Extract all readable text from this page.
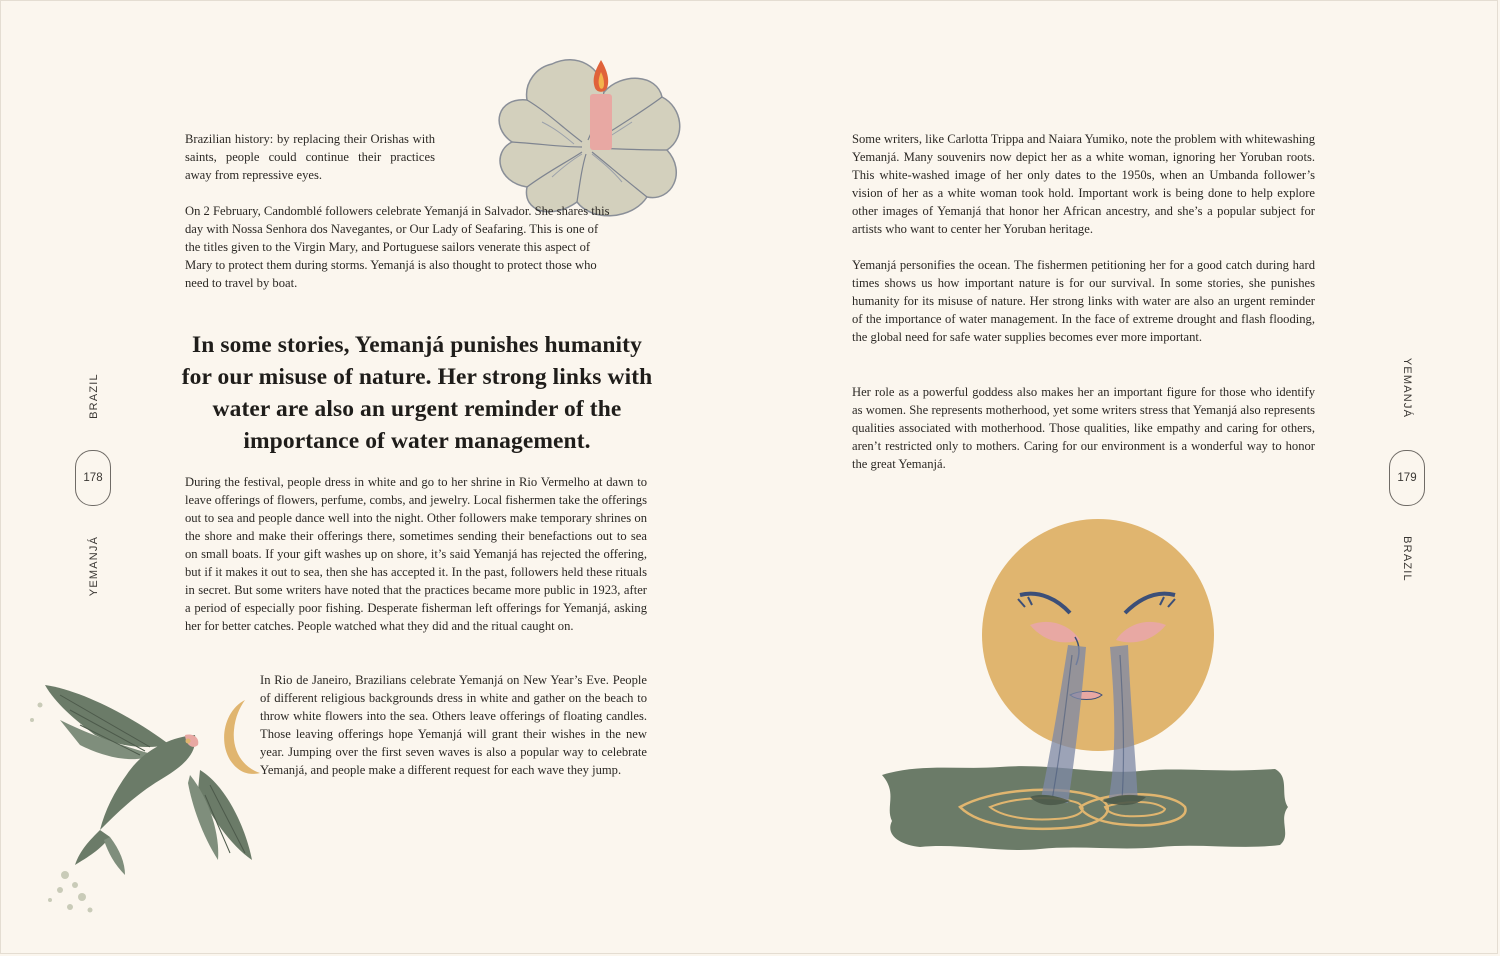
Brazilian history: by replacing their Orishas with saints, people could continue their practices away from repressive eyes.

On 2 February, Candomblé followers celebrate Yemanjá in Salvador. She shares this day with Nossa Senhora dos Navegantes, or Our Lady of Seafaring. This is one of the titles given to the Virgin Mary, and Portuguese sailors venerate this aspect of Mary to protect them during storms. Yemanjá is also thought to protect those who need to travel by boat.

In some stories, Yemanjá punishes humanity for our misuse of nature. Her strong links with water are also an urgent reminder of the importance of water management.

During the festival, people dress in white and go to her shrine in Rio Vermelho at dawn to leave offerings of flowers, perfume, combs, and jewelry. Local fishermen take the offerings out to sea and people dance well into the night. Other followers make temporary shrines on the shore and make their offerings there, sometimes sending their benefactions out to sea on small boats. If your gift washes up on shore, it’s said Yemanjá has rejected the offering, but if it makes it out to sea, then she has accepted it. In the past, followers held these rituals in secret. But some writers have noted that the practices became more public in 1923, after a period of especially poor fishing. Desperate fisherman left offerings for Yemanjá, asking her for better catches. People watched what they did and the ritual caught on.

In Rio de Janeiro, Brazilians celebrate Yemanjá on New Year’s Eve. People of different religious backgrounds dress in white and gather on the beach to throw white flowers into the sea. Others leave offerings of floating candles. Those leaving offerings hope Yemanjá will grant their wishes in the new year. Jumping over the first seven waves is also a popular way to celebrate Yemanjá, and people make a different request for each wave they jump.

BRAZIL
178
YEMANJÁ

Some writers, like Carlotta Trippa and Naiara Yumiko, note the problem with whitewashing Yemanjá. Many souvenirs now depict her as a white woman, ignoring her Yoruban roots. This white-washed image of her only dates to the 1950s, when an Umbanda follower’s vision of her as a white woman took hold. Important work is being done to help explore other images of Yemanjá that honor her African ancestry, and she’s a popular subject for artists who want to center her Yoruban heritage.

Yemanjá personifies the ocean. The fishermen petitioning her for a good catch during hard times shows us how important nature is for our survival. In some stories, she punishes humanity for its misuse of nature. Her strong links with water are also an urgent reminder of the importance of water management. In the face of extreme drought and flash flooding, the global need for safe water supplies becomes ever more important.

Her role as a powerful goddess also makes her an important figure for those who identify as women. She represents motherhood, yet some writers stress that Yemanjá also represents qualities associated with motherhood. Those qualities, like empathy and caring for others, aren’t restricted only to mothers. Caring for our environment is a wonderful way to honor the great Yemanjá.

YEMANJÁ
179
BRAZIL
